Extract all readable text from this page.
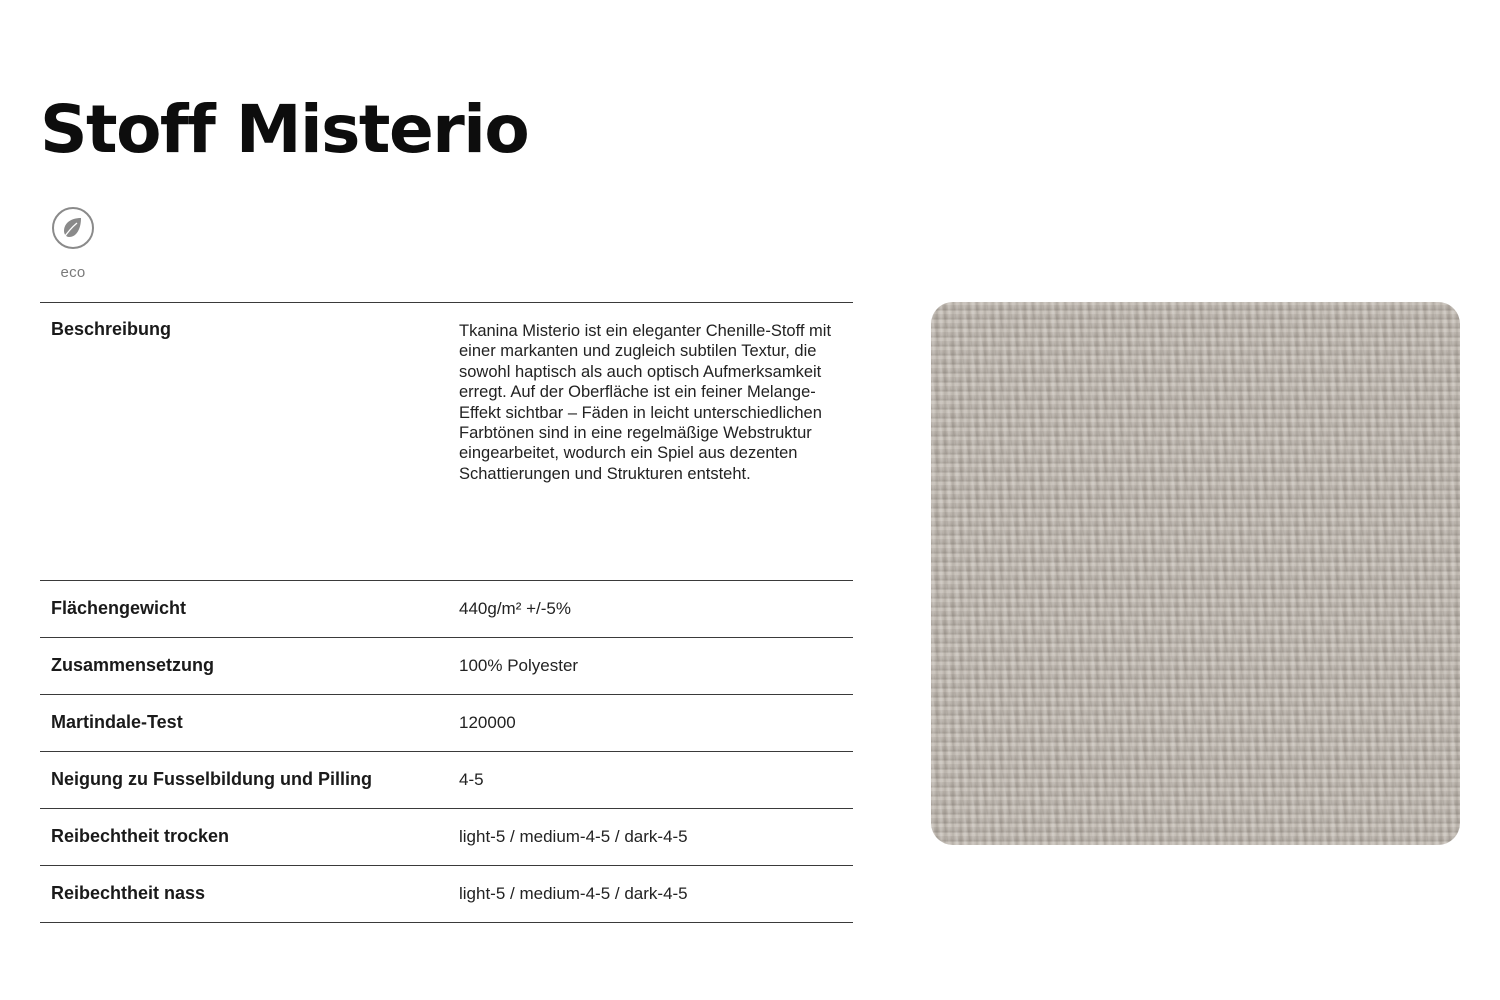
Stoff Misterio
eco
Beschreibung	Tkanina Misterio ist ein eleganter Chenille-Stoff mit einer markanten und zugleich subtilen Textur, die sowohl haptisch als auch optisch Aufmerksamkeit erregt. Auf der Oberfläche ist ein feiner Melange-Effekt sichtbar – Fäden in leicht unterschiedlichen Farbtönen sind in eine regelmäßige Webstruktur eingearbeitet, wodurch ein Spiel aus dezenten Schattierungen und Strukturen entsteht.
Flächengewicht	440g/m² +/-5%
Zusammensetzung	100% Polyester
Martindale-Test	120000
Neigung zu Fusselbildung und Pilling	4-5
Reibechtheit trocken	light-5 / medium-4-5 / dark-4-5
Reibechtheit nass	light-5 / medium-4-5 / dark-4-5
